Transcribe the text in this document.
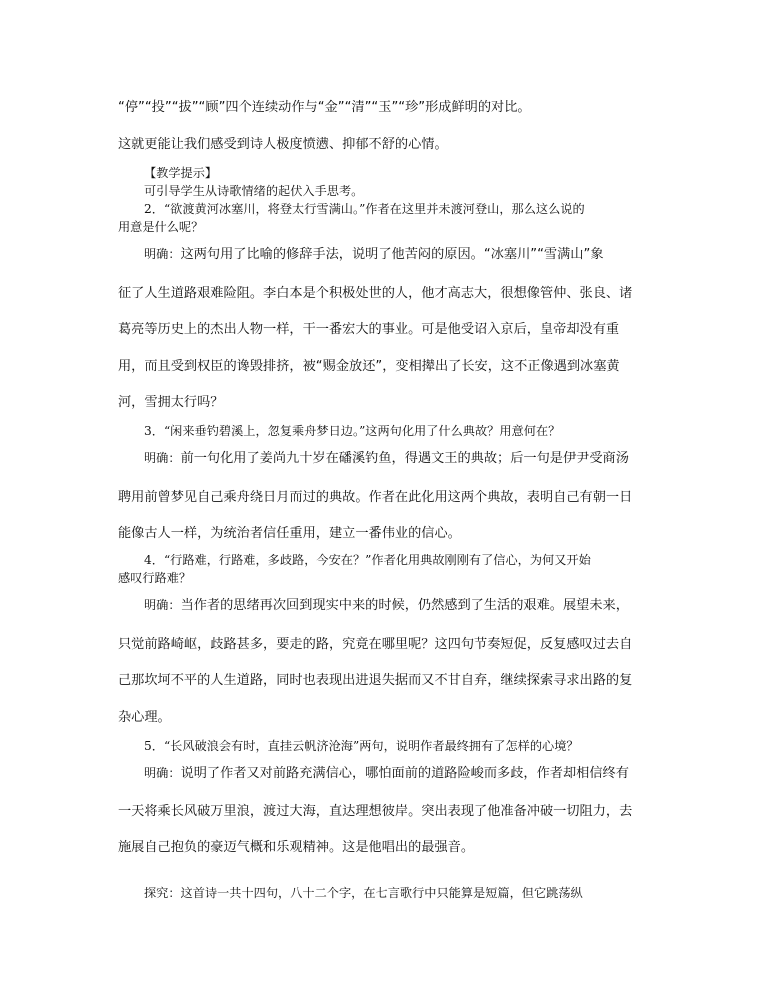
“停”“投”“拔”“顾”四个连续动作与“金”“清”“玉”“珍”形成鲜明的对比。

这就更能让我们感受到诗人极度愤懑、抑郁不舒的心情。

【教学提示】

可引导学生从诗歌情绪的起伏入手思考。

2．“欲渡黄河冰塞川，将登太行雪满山。”作者在这里并未渡河登山，那么这么说的

用意是什么呢？

明确：这两句用了比喻的修辞手法，说明了他苦闷的原因。“冰塞川”“雪满山”象

征了人生道路艰难险阻。李白本是个积极处世的人，他才高志大，很想像管仲、张良、诸

葛亮等历史上的杰出人物一样，干一番宏大的事业。可是他受诏入京后，皇帝却没有重

用，而且受到权臣的谗毁排挤，被“赐金放还”，变相撵出了长安，这不正像遇到冰塞黄

河，雪拥太行吗？

3．“闲来垂钓碧溪上，忽复乘舟梦日边。”这两句化用了什么典故？用意何在？

明确：前一句化用了姜尚九十岁在磻溪钓鱼，得遇文王的典故；后一句是伊尹受商汤

聘用前曾梦见自己乘舟绕日月而过的典故。作者在此化用这两个典故，表明自己有朝一日

能像古人一样，为统治者信任重用，建立一番伟业的信心。

4．“行路难，行路难，多歧路，今安在？”作者化用典故刚刚有了信心，为何又开始

感叹行路难？

明确：当作者的思绪再次回到现实中来的时候，仍然感到了生活的艰难。展望未来，

只觉前路崎岖，歧路甚多，要走的路，究竟在哪里呢？这四句节奏短促，反复感叹过去自

己那坎坷不平的人生道路，同时也表现出进退失据而又不甘自弃，继续探索寻求出路的复

杂心理。

5．“长风破浪会有时，直挂云帆济沧海”两句，说明作者最终拥有了怎样的心境？

明确：说明了作者又对前路充满信心，哪怕面前的道路险峻而多歧，作者却相信终有

一天将乘长风破万里浪，渡过大海，直达理想彼岸。突出表现了他准备冲破一切阻力，去

施展自己抱负的豪迈气概和乐观精神。这是他唱出的最强音。

探究：这首诗一共十四句，八十二个字，在七言歌行中只能算是短篇，但它跳荡纵
